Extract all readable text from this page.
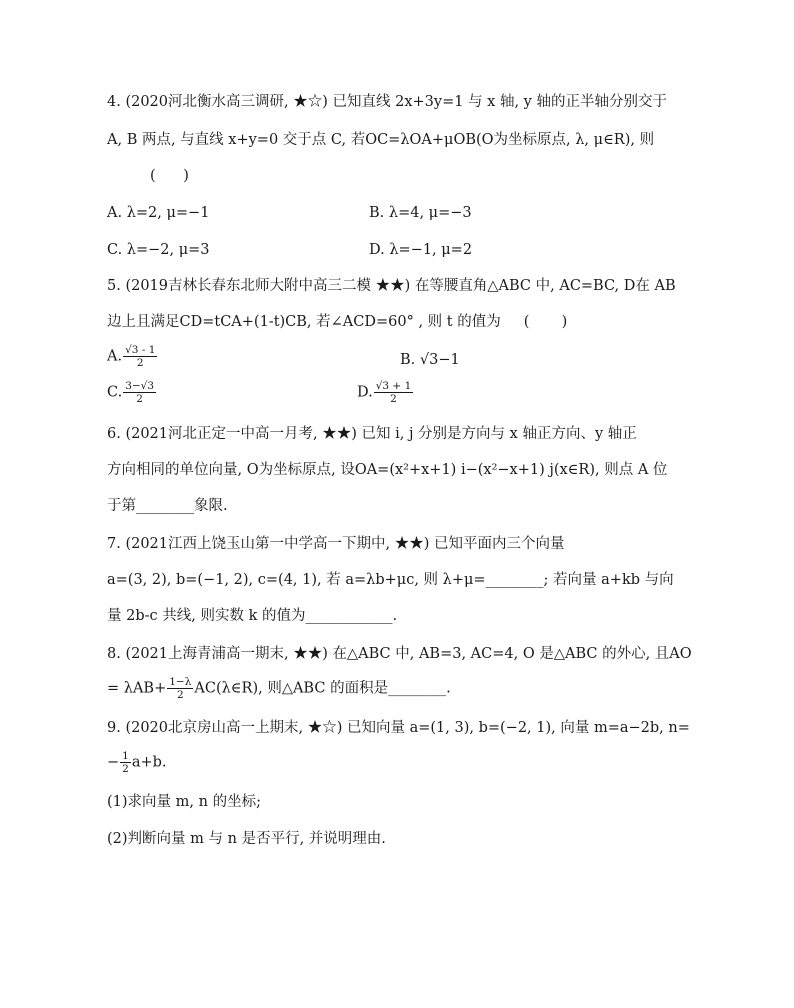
4. (2020河北衡水高三调研, ★☆) 已知直线 2x+3y=1 与 x 轴, y 轴的正半轴分别交于
A, B 两点, 与直线 x+y=0 交于点 C, 若OC=λOA+μOB(O为坐标原点, λ, μ∈R), 则
(      )
A. λ=2, μ=−1	B. λ=4, μ=−3
C. λ=−2, μ=3	D. λ=−1, μ=2
5. (2019吉林长春东北师大附中高三二模 ★★) 在等腰直角△ABC 中, AC=BC, D在 AB
边上且满足CD=tCA+(1-t)CB, 若∠ACD=60° , 则 t 的值为     (       )
A. $\frac{√3 - 1}{2}$	B. √3−1
C. $\frac{3-√3}{2}$	D. $\frac{√3 + 1}{2}$
6. (2021河北正定一中高一月考, ★★) 已知 i, j 分别是方向与 x 轴正方向、y 轴正
方向相同的单位向量, O为坐标原点, 设OA=(x²+x+1) i−(x²−x+1) j(x∈R), 则点 A 位
于第________象限.
7. (2021江西上饶玉山第一中学高一下期中, ★★) 已知平面内三个向量
a=(3, 2), b=(−1, 2), c=(4, 1), 若 a=λb+μc, 则 λ+μ=________; 若向量 a+kb 与向
量 2b-c 共线, 则实数 k 的值为____________.
8. (2021上海青浦高一期末, ★★) 在△ABC 中, AB=3, AC=4, O 是△ABC 的外心, 且AO
= $\lambda AB+ \frac{1-\lambda}{2}$ AC(λ∈R), 则△ABC 的面积是________.
9. (2020北京房山高一上期末, ★☆) 已知向量 a=(1, 3), b=(−2, 1), 向量 m=a−2b, n=
− $\frac{1}{2} a+b$.
(1)求向量 m, n 的坐标;
(2)判断向量 m 与 n 是否平行, 并说明理由.
